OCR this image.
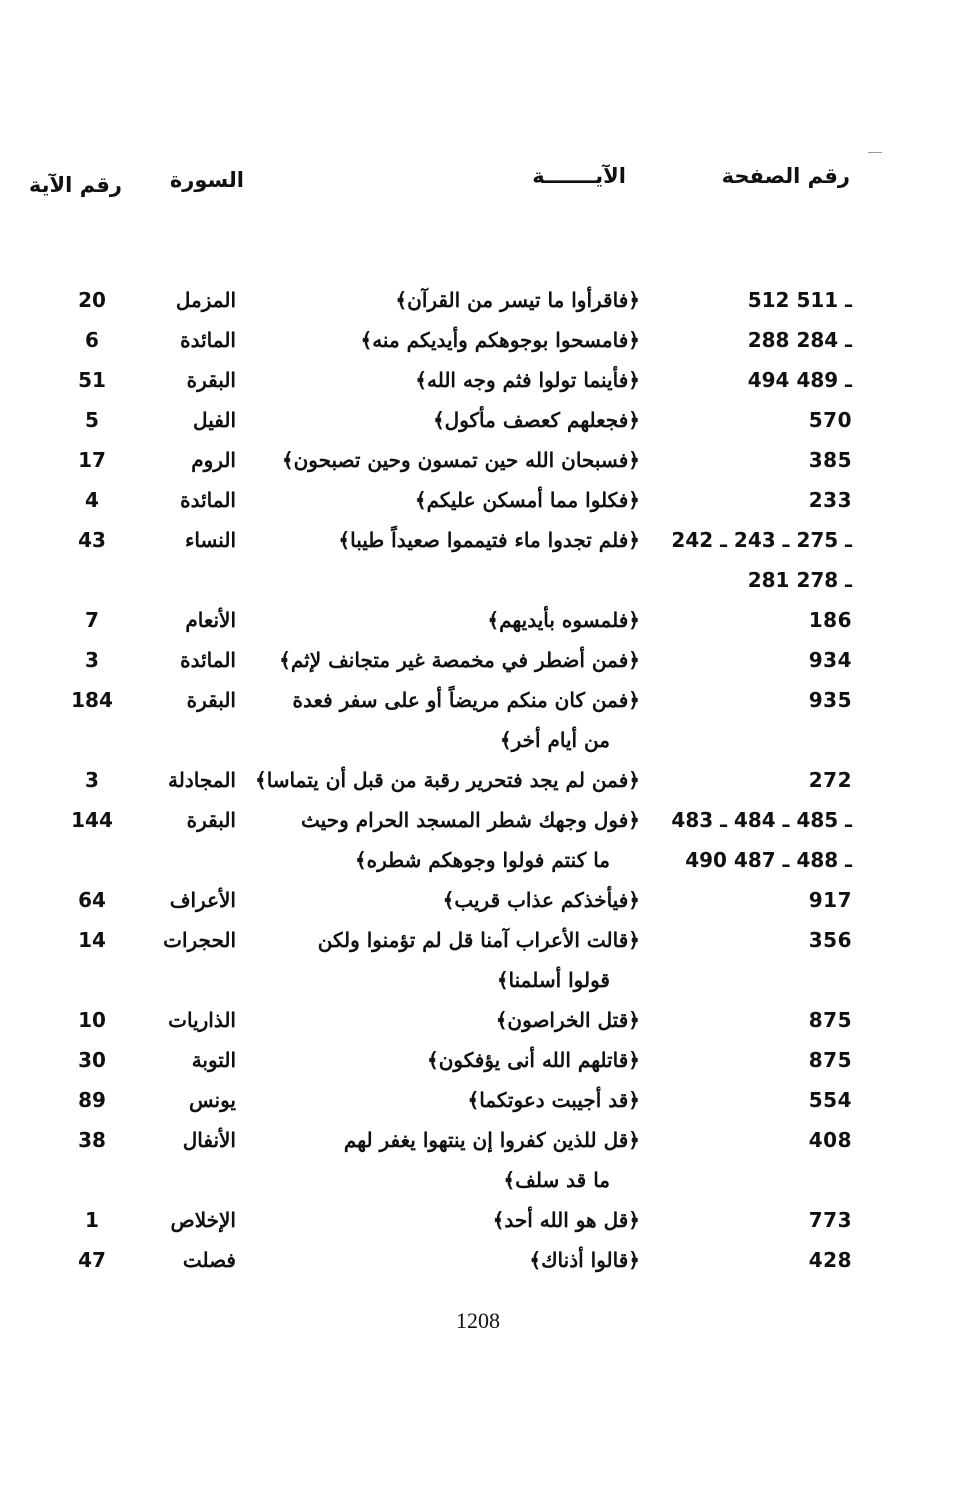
رقم الصفحة
الآيـــــــة
السورة
رقم الآية
512 ـ 511
﴿فاقرأوا ما تيسر من القرآن﴾
المزمل
20
288 ـ 284
﴿فامسحوا بوجوهكم وأيديكم منه﴾
المائدة
6
494 ـ 489
﴿فأينما تولوا فثم وجه الله﴾
البقرة
51
570
﴿فجعلهم كعصف مأكول﴾
الفيل
5
385
﴿فسبحان الله حين تمسون وحين تصبحون﴾
الروم
17
233
﴿فكلوا مما أمسكن عليكم﴾
المائدة
4
ـ 275 ـ 243 ـ 242
281 ـ 278
﴿فلم تجدوا ماء فتيمموا صعيداً طيبا﴾
النساء
43
186
﴿فلمسوه بأيديهم﴾
الأنعام
7
934
﴿فمن أضطر في مخمصة غير متجانف لإثم﴾
المائدة
3
935
﴿فمن كان منكم مريضاً أو على سفر فعدة
من أيام أخر﴾
البقرة
184
272
﴿فمن لم يجد فتحرير رقبة من قبل أن يتماسا﴾
المجادلة
3
ـ 485 ـ 484 ـ 483
490 ـ 488 ـ 487
﴿فول وجهك شطر المسجد الحرام وحيث
ما كنتم فولوا وجوهكم شطره﴾
البقرة
144
917
﴿فيأخذكم عذاب قريب﴾
الأعراف
64
356
﴿قالت الأعراب آمنا قل لم تؤمنوا ولكن
قولوا أسلمنا﴾
الحجرات
14
875
﴿قتل الخراصون﴾
الذاريات
10
875
﴿قاتلهم الله أنى يؤفكون﴾
التوبة
30
554
﴿قد أجيبت دعوتكما﴾
يونس
89
408
﴿قل للذين كفروا إن ينتهوا يغفر لهم
ما قد سلف﴾
الأنفال
38
773
﴿قل هو الله أحد﴾
الإخلاص
1
428
﴿قالوا أذناك﴾
فصلت
47
1208
